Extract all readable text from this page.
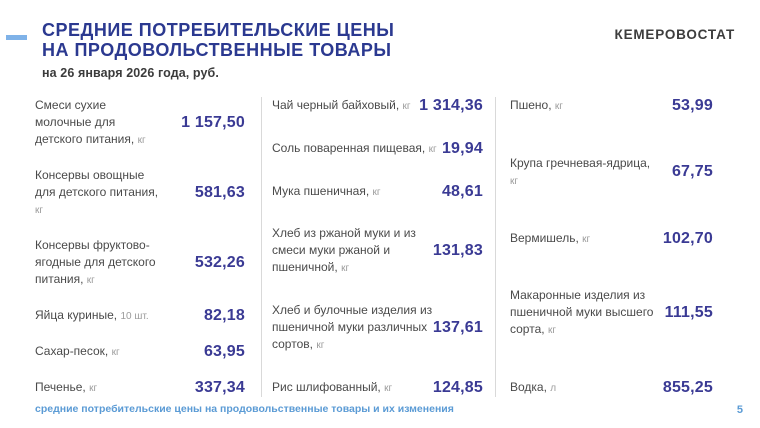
СРЕДНИЕ ПОТРЕБИТЕЛЬСКИЕ ЦЕНЫ
НА ПРОДОВОЛЬСТВЕННЫЕ ТОВАРЫ
на 26 января 2026 года, руб.
КЕМЕРОВОСТАТ
Смеси сухие молочные для детского питания, кг
1 157,50
Консервы овощные для детского питания, кг
581,63
Консервы фруктово-ягодные для детского питания, кг
532,26
Яйца куриные, 10 шт.	82,18
Сахар-песок, кг	63,95
Печенье, кг	337,34
Чай черный байховый, кг 1 314,36
Соль поваренная пищевая, кг 19,94
Мука пшеничная, кг	48,61
Хлеб из ржаной муки и из смеси муки ржаной и пшеничной, кг
131,83
Хлеб и булочные изделия из пшеничной муки различных сортов, кг
137,61
Рис шлифованный, кг	124,85
Пшено, кг	53,99
Крупа гречневая-ядрица, кг
67,75
Вермишель, кг	102,70
Макаронные изделия из пшеничной муки высшего сорта, кг
111,55
Водка, л	855,25
средние потребительские цены на продовольственные товары и их изменения	5
